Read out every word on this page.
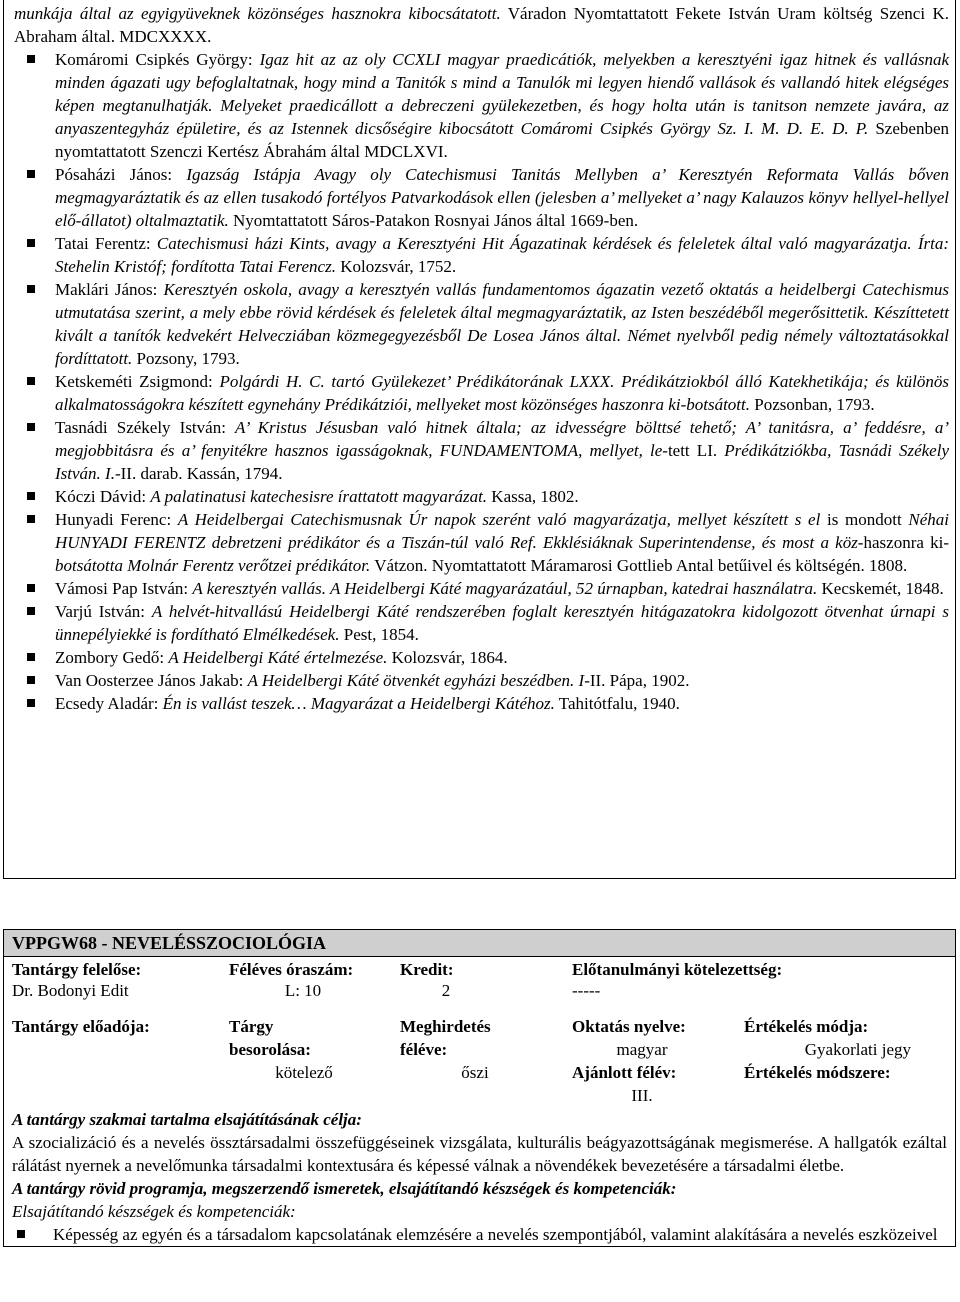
munkája által az egyigyüveknek közönséges hasznokra kibocsátatott. Váradon Nyomtattatott Fekete István Uram költség Szenci K. Abraham által. MDCXXXX.

Komáromi Csipkés György: Igaz hit az az oly CCXLI magyar praedicátiók, melyekben a keresztyéni igaz hitnek és vallásnak minden ágazati ugy befoglaltatnak, hogy mind a Tanitók s mind a Tanulók mi legyen hiendő vallások és vallandó hitek elégséges képen megtanulhatják. Melyeket praedicállott a debreczeni gyülekezetben, és hogy holta után is tanitson nemzete javára, az anyaszentegyház épületire, és az Istennek dicsőségire kibocsátott Comáromi Csipkés György Sz. I. M. D. E. D. P. Szebenben nyomtattatott Szenczi Kertész Ábrahám által MDCLXVI.
Pósaházi János: Igazság Istápja Avagy oly Catechismusi Tanitás Mellyben a’ Keresztyén Reformata Vallás bőven megmagyaráztatik és az ellen tusakodó fortélyos Patvarkodások ellen (jelesben a’ mellyeket a’ nagy Kalauzos könyv hellyel-hellyel elő-állatot) oltalmaztatik. Nyomtattatott Sáros-Patakon Rosnyai János által 1669-ben.
Tatai Ferentz: Catechismusi házi Kints, avagy a Keresztyéni Hit Ágazatinak kérdések és feleletek által való magyarázatja. Írta: Stehelin Kristóf; fordította Tatai Ferencz. Kolozsvár, 1752.
Maklári János: Keresztyén oskola, avagy a keresztyén vallás fundamentomos ágazatin vezető oktatás a heidelbergi Catechismus utmutatása szerint, a mely ebbe rövid kérdések és feleletek által megmagyaráztatik, az Isten beszédéből megerősittetik. Készíttetett kivált a tanítók kedvekért Helvecziában közmegegyezésből De Losea János által. Német nyelvből pedig némely változtatásokkal fordíttatott. Pozsony, 1793.
Ketskeméti Zsigmond: Polgárdi H. C. tartó Gyülekezet’ Prédikátorának LXXX. Prédikátziokból álló Katekhetikája; és különös alkalmatosságokra készített egynehány Prédikátziói, mellyeket most közönséges haszonra ki-botsátott. Pozsonban, 1793.
Tasnádi Székely István: A’ Kristus Jésusban való hitnek általa; az idvességre bölttsé tehető; A’ tanitásra, a’ feddésre, a’ megjobbitásra és a’ fenyitékre hasznos igasságoknak, FUNDAMENTOMA, mellyet, le-tett LI. Prédikátziókba, Tasnádi Székely István. I.-II. darab. Kassán, 1794.
Kóczi Dávid: A palatinatusi katechesisre írattatott magyarázat. Kassa, 1802.
Hunyadi Ferenc: A Heidelbergai Catechismusnak Úr napok szerént való magyarázatja, mellyet készített s el is mondott Néhai HUNYADI FERENTZ debretzeni prédikátor és a Tiszán-túl való Ref. Ekklésiáknak Superintendense, és most a köz-haszonra ki-botsátotta Molnár Ferentz verőtzei prédikátor. Vátzon. Nyomtattatott Máramarosi Gottlieb Antal betűivel és költségén. 1808.
Vámosi Pap István: A keresztyén vallás. A Heidelbergi Káté magyarázatául, 52 úrnapban, katedrai használatra. Kecskemét, 1848.
Varjú István: A helvét-hitvallású Heidelbergi Káté rendszerében foglalt keresztyén hitágazatokra kidolgozott ötvenhat úrnapi s ünnepélyiekké is fordítható Elmélkedések. Pest, 1854.
Zomborу Gedő: A Heidelbergi Káté értelmezése. Kolozsvár, 1864.
Van Oosterzee János Jakab: A Heidelbergi Káté ötvenkét egyházi beszédben. I-II. Pápa, 1902.
Ecsedy Aladár: Én is vallást teszek… Magyarázat a Heidelbergi Kátéhoz. Tahitótfalu, 1940.
VPPGW68 - NEVELÉSSZOCIOLÓGIA
Tantárgy felelőse:
Dr. Bodonyi Edit
Féléves óraszám:
L: 10
Kredit:
2
Előtanulmányi kötelezettség:
-----
Tantárgy előadója:	Tárgy
besorolása:
kötelező
Meghirdetés
féléve:
őszi
Oktatás nyelve:
magyar
Ajánlott félév:
III.
Értékelés módja:
Gyakorlati jegy
Értékelés módszere:
A tantárgy szakmai tartalma elsajátításának célja:
A szocializáció és a nevelés össztársadalmi összefüggéseinek vizsgálata, kulturális beágyazottságának megismerése. A hallgatók ezáltal rálátást nyernek a nevelőmunka társadalmi kontextusára és képessé válnak a növendékek bevezetésére a társadalmi életbe.
A tantárgy rövid programja, megszerzendő ismeretek, elsajátítandó készségek és kompetenciák:
Elsajátítandó készségek és kompetenciák:
Képesség az egyén és a társadalom kapcsolatának elemzésére a nevelés szempontjából, valamint alakítására a nevelés eszközeivel
